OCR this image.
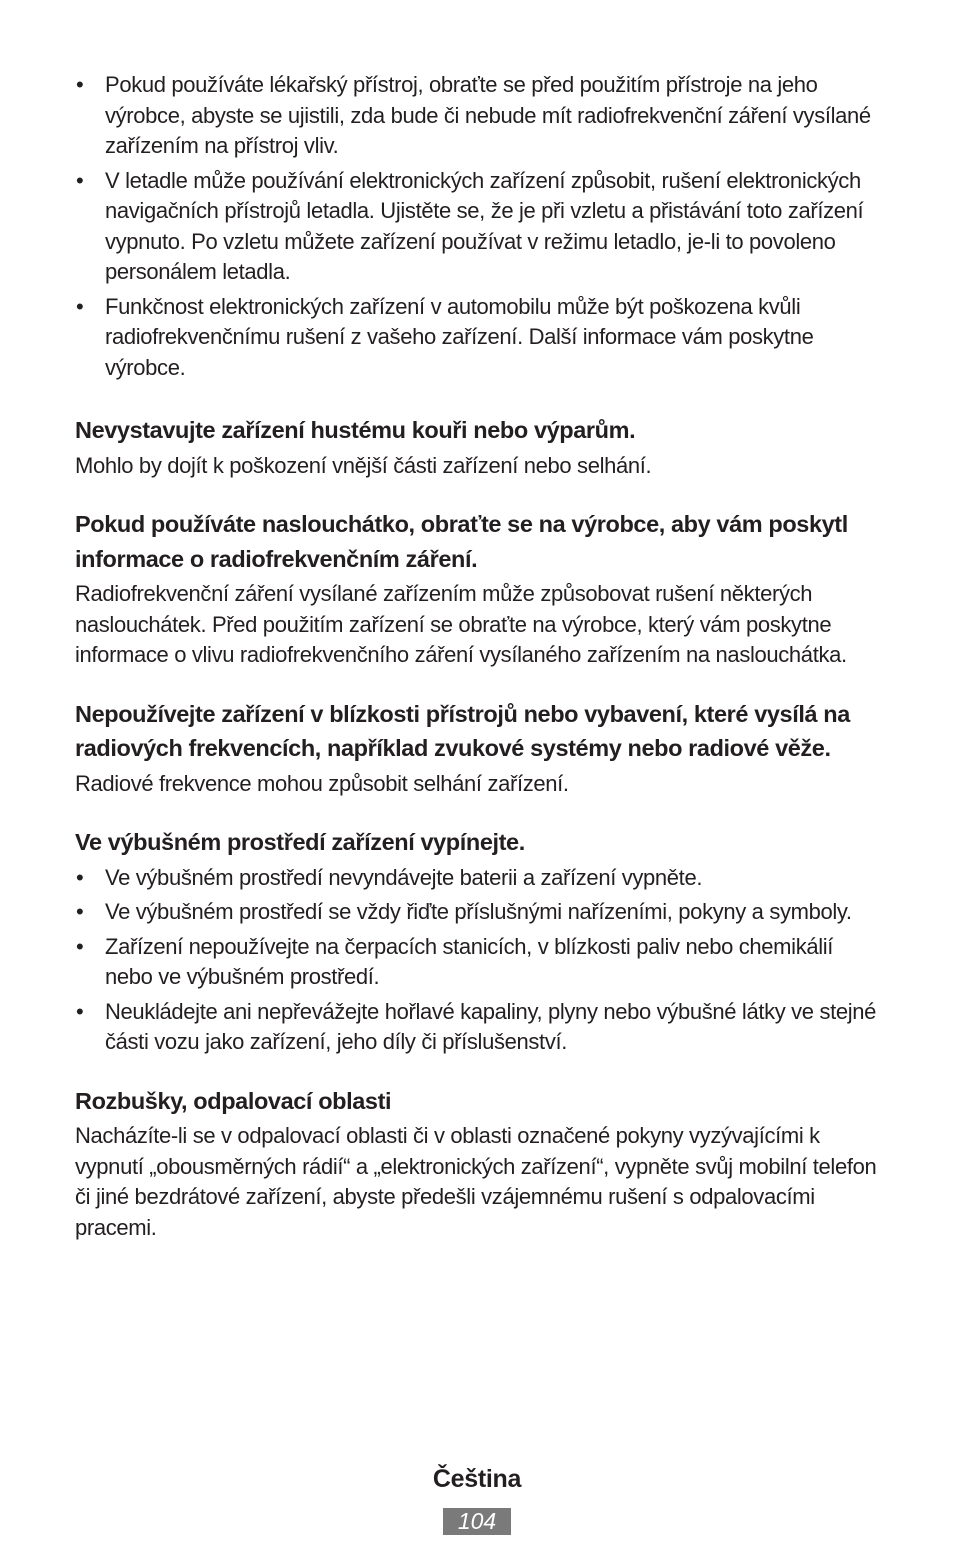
• Pokud používáte lékařský přístroj, obraťte se před použitím přístroje na jeho výrobce, abyste se ujistili, zda bude či nebude mít radiofrekvenční záření vysílané zařízením na přístroj vliv.
• V letadle může používání elektronických zařízení způsobit, rušení elektronických navigačních přístrojů letadla. Ujistěte se, že je při vzletu a přistávání toto zařízení vypnuto. Po vzletu můžete zařízení používat v režimu letadlo, je-li to povoleno personálem letadla.
• Funkčnost elektronických zařízení v automobilu může být poškozena kvůli radiofrekvenčnímu rušení z vašeho zařízení. Další informace vám poskytne výrobce.
Nevystavujte zařízení hustému kouři nebo výparům.

Mohlo by dojít k poškození vnější části zařízení nebo selhání.

Pokud používáte naslouchátko, obraťte se na výrobce, aby vám poskytl informace o radiofrekvenčním záření.

Radiofrekvenční záření vysílané zařízením může způsobovat rušení některých naslouchátek. Před použitím zařízení se obraťte na výrobce, který vám poskytne informace o vlivu radiofrekvenčního záření vysílaného zařízením na naslouchátka.

Nepoužívejte zařízení v blízkosti přístrojů nebo vybavení, které vysílá na radiových frekvencích, například zvukové systémy nebo radiové věže.

Radiové frekvence mohou způsobit selhání zařízení.

Ve výbušném prostředí zařízení vypínejte.
• Ve výbušném prostředí nevyndávejte baterii a zařízení vypněte.
• Ve výbušném prostředí se vždy řiďte příslušnými nařízeními, pokyny a symboly.
• Zařízení nepoužívejte na čerpacích stanicích, v blízkosti paliv nebo chemikálií nebo ve výbušném prostředí.
• Neukládejte ani nepřevážejte hořlavé kapaliny, plyny nebo výbušné látky ve stejné části vozu jako zařízení, jeho díly či příslušenství.
Rozbušky, odpalovací oblasti

Nacházíte-li se v odpalovací oblasti či v oblasti označené pokyny vyzývajícími k vypnutí „obousměrných rádií“ a „elektronických zařízení“, vypněte svůj mobilní telefon či jiné bezdrátové zařízení, abyste předešli vzájemnému rušení s odpalovacími pracemi.

Čeština
104
